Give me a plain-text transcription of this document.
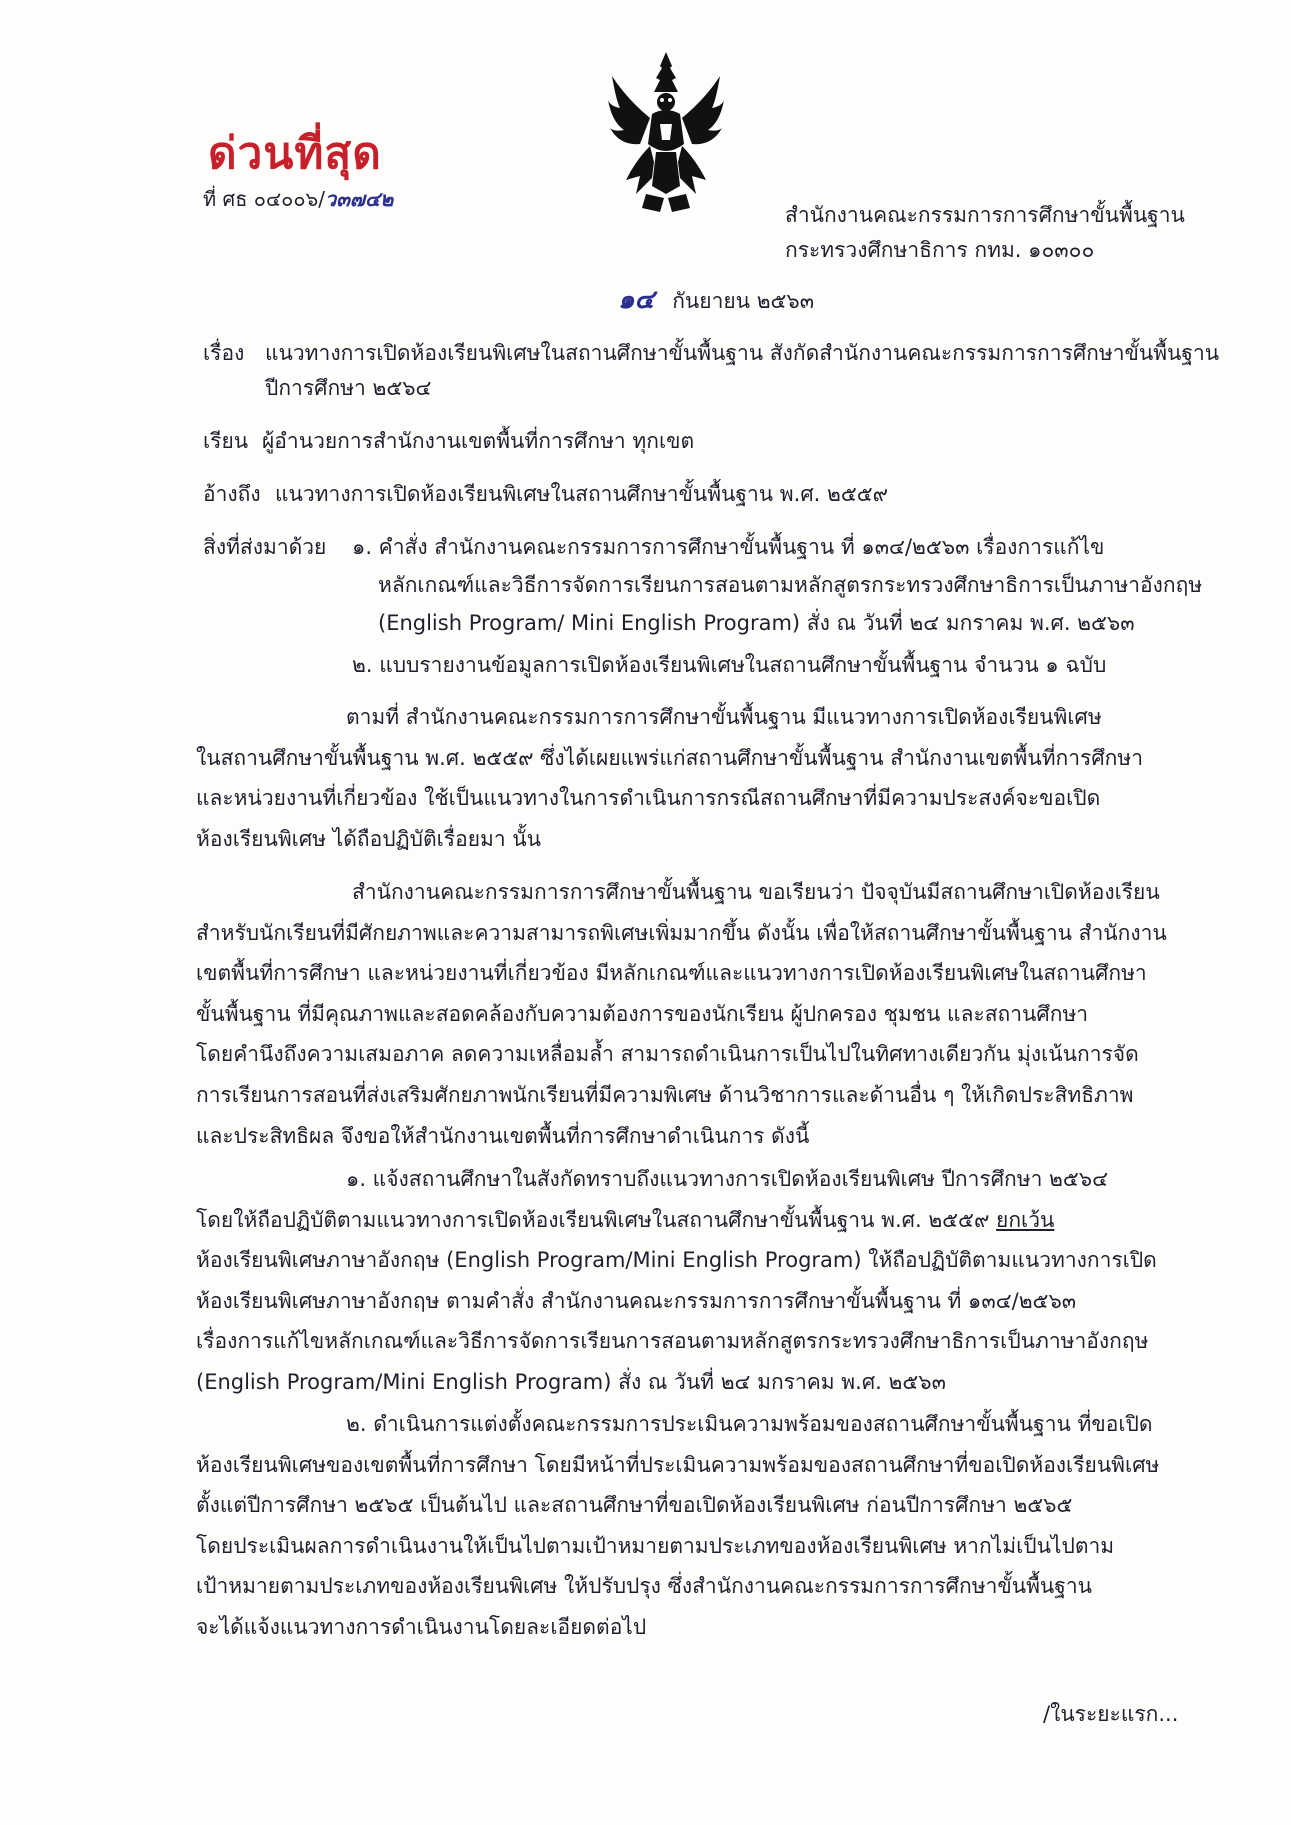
ด่วนที่สุด
ที่ ศธ ๐๔๐๐๖/ว๓๗๔๒
สำนักงานคณะกรรมการการศึกษาขั้นพื้นฐาน
กระทรวงศึกษาธิการ กทม. ๑๐๓๐๐
๑๔ กันยายน ๒๕๖๓
เรื่อง แนวทางการเปิดห้องเรียนพิเศษในสถานศึกษาขั้นพื้นฐาน สังกัดสำนักงานคณะกรรมการการศึกษาขั้นพื้นฐาน
ปีการศึกษา ๒๕๖๔
เรียน ผู้อำนวยการสำนักงานเขตพื้นที่การศึกษา ทุกเขต
อ้างถึง แนวทางการเปิดห้องเรียนพิเศษในสถานศึกษาขั้นพื้นฐาน พ.ศ. ๒๕๕๙
สิ่งที่ส่งมาด้วย ๑. คำสั่ง สำนักงานคณะกรรมการการศึกษาขั้นพื้นฐาน ที่ ๑๓๔/๒๕๖๓ เรื่องการแก้ไข
หลักเกณฑ์และวิธีการจัดการเรียนการสอนตามหลักสูตรกระทรวงศึกษาธิการเป็นภาษาอังกฤษ
(English Program/ Mini English Program) สั่ง ณ วันที่ ๒๔ มกราคม พ.ศ. ๒๕๖๓
๒. แบบรายงานข้อมูลการเปิดห้องเรียนพิเศษในสถานศึกษาขั้นพื้นฐาน จำนวน ๑ ฉบับ

ตามที่ สำนักงานคณะกรรมการการศึกษาขั้นพื้นฐาน มีแนวทางการเปิดห้องเรียนพิเศษ

ในสถานศึกษาขั้นพื้นฐาน พ.ศ. ๒๕๕๙ ซึ่งได้เผยแพร่แก่สถานศึกษาขั้นพื้นฐาน สำนักงานเขตพื้นที่การศึกษา

และหน่วยงานที่เกี่ยวข้อง ใช้เป็นแนวทางในการดำเนินการกรณีสถานศึกษาที่มีความประสงค์จะขอเปิด

ห้องเรียนพิเศษ ได้ถือปฏิบัติเรื่อยมา นั้น

สำนักงานคณะกรรมการการศึกษาขั้นพื้นฐาน ขอเรียนว่า ปัจจุบันมีสถานศึกษาเปิดห้องเรียน

สำหรับนักเรียนที่มีศักยภาพและความสามารถพิเศษเพิ่มมากขึ้น ดังนั้น เพื่อให้สถานศึกษาขั้นพื้นฐาน สำนักงาน

เขตพื้นที่การศึกษา และหน่วยงานที่เกี่ยวข้อง มีหลักเกณฑ์และแนวทางการเปิดห้องเรียนพิเศษในสถานศึกษา

ขั้นพื้นฐาน ที่มีคุณภาพและสอดคล้องกับความต้องการของนักเรียน ผู้ปกครอง ชุมชน และสถานศึกษา

โดยคำนึงถึงความเสมอภาค ลดความเหลื่อมล้ำ สามารถดำเนินการเป็นไปในทิศทางเดียวกัน มุ่งเน้นการจัด

การเรียนการสอนที่ส่งเสริมศักยภาพนักเรียนที่มีความพิเศษ ด้านวิชาการและด้านอื่น ๆ ให้เกิดประสิทธิภาพ

และประสิทธิผล จึงขอให้สำนักงานเขตพื้นที่การศึกษาดำเนินการ ดังนี้

๑. แจ้งสถานศึกษาในสังกัดทราบถึงแนวทางการเปิดห้องเรียนพิเศษ ปีการศึกษา ๒๕๖๔

โดยให้ถือปฏิบัติตามแนวทางการเปิดห้องเรียนพิเศษในสถานศึกษาขั้นพื้นฐาน พ.ศ. ๒๕๕๙ ยกเว้น

ห้องเรียนพิเศษภาษาอังกฤษ (English Program/Mini English Program) ให้ถือปฏิบัติตามแนวทางการเปิด

ห้องเรียนพิเศษภาษาอังกฤษ ตามคำสั่ง สำนักงานคณะกรรมการการศึกษาขั้นพื้นฐาน ที่ ๑๓๔/๒๕๖๓

เรื่องการแก้ไขหลักเกณฑ์และวิธีการจัดการเรียนการสอนตามหลักสูตรกระทรวงศึกษาธิการเป็นภาษาอังกฤษ

(English Program/Mini English Program) สั่ง ณ วันที่ ๒๔ มกราคม พ.ศ. ๒๕๖๓

๒. ดำเนินการแต่งตั้งคณะกรรมการประเมินความพร้อมของสถานศึกษาขั้นพื้นฐาน ที่ขอเปิด

ห้องเรียนพิเศษของเขตพื้นที่การศึกษา โดยมีหน้าที่ประเมินความพร้อมของสถานศึกษาที่ขอเปิดห้องเรียนพิเศษ

ตั้งแต่ปีการศึกษา ๒๕๖๕ เป็นต้นไป และสถานศึกษาที่ขอเปิดห้องเรียนพิเศษ ก่อนปีการศึกษา ๒๕๖๕

โดยประเมินผลการดำเนินงานให้เป็นไปตามเป้าหมายตามประเภทของห้องเรียนพิเศษ หากไม่เป็นไปตาม

เป้าหมายตามประเภทของห้องเรียนพิเศษ ให้ปรับปรุง ซึ่งสำนักงานคณะกรรมการการศึกษาขั้นพื้นฐาน

จะได้แจ้งแนวทางการดำเนินงานโดยละเอียดต่อไป

/ในระยะแรก...
